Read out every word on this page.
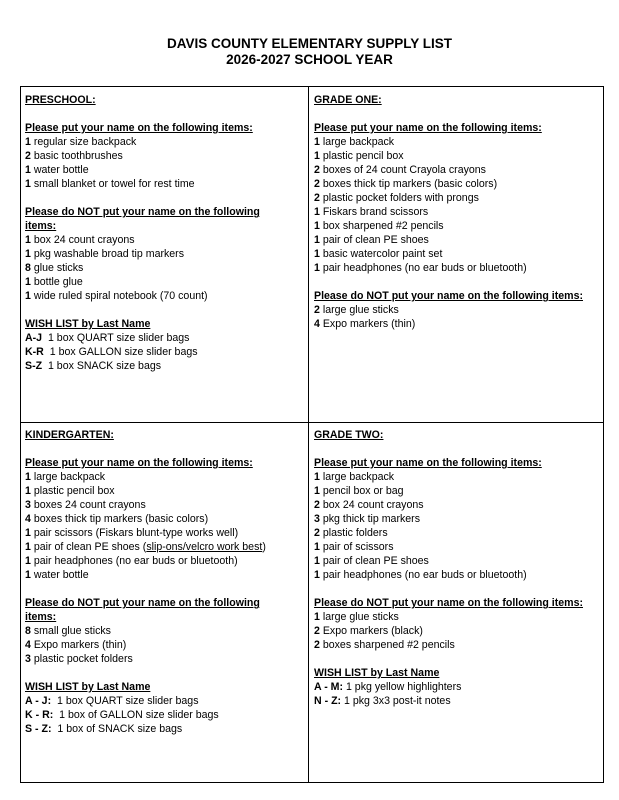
DAVIS COUNTY ELEMENTARY SUPPLY LIST
2026-2027 SCHOOL YEAR
PRESCHOOL:
Please put your name on the following items:
1 regular size backpack
2 basic toothbrushes
1 water bottle
1 small blanket or towel for rest time
Please do NOT put your name on the following
items:
1 box 24 count crayons
1 pkg washable broad tip markers
8 glue sticks
1 bottle glue
1 wide ruled spiral notebook (70 count)
WISH LIST by Last Name
A-J  1 box QUART size slider bags
K-R  1 box GALLON size slider bags
S-Z  1 box SNACK size bags
GRADE ONE:
Please put your name on the following items:
1 large backpack
1 plastic pencil box
2 boxes of 24 count Crayola crayons
2 boxes thick tip markers (basic colors)
2 plastic pocket folders with prongs
1 Fiskars brand scissors
1 box sharpened #2 pencils
1 pair of clean PE shoes
1 basic watercolor paint set
1 pair headphones (no ear buds or bluetooth)
Please do NOT put your name on the following items:
2 large glue sticks
4 Expo markers (thin)
KINDERGARTEN:
Please put your name on the following items:
1 large backpack
1 plastic pencil box
3 boxes 24 count crayons
4 boxes thick tip markers (basic colors)
1 pair scissors (Fiskars blunt-type works well)
1 pair of clean PE shoes (slip-ons/velcro work best)
1 pair headphones (no ear buds or bluetooth)
1 water bottle
Please do NOT put your name on the following
items:
8 small glue sticks
4 Expo markers (thin)
3 plastic pocket folders
WISH LIST by Last Name
A - J:  1 box QUART size slider bags
K - R:  1 box of GALLON size slider bags
S - Z:  1 box of SNACK size bags
GRADE TWO:
Please put your name on the following items:
1 large backpack
1 pencil box or bag
2 box 24 count crayons
3 pkg thick tip markers
2 plastic folders
1 pair of scissors
1 pair of clean PE shoes
1 pair headphones (no ear buds or bluetooth)
Please do NOT put your name on the following items:
1 large glue sticks
2 Expo markers (black)
2 boxes sharpened #2 pencils
WISH LIST by Last Name
A - M: 1 pkg yellow highlighters
N - Z: 1 pkg 3x3 post-it notes
